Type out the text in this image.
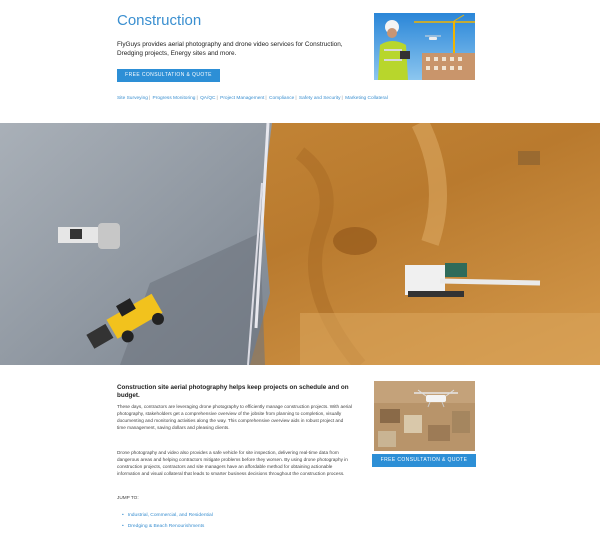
Construction
FlyGuys provides aerial photography and drone video services for Construction, Dredging projects, Energy sites and more.
FREE CONSULTATION & QUOTE
Site Surveying| Progress Monitoring| QA/QC| Project Management| Compliance| Safety and Security| Marketing Collateral
Construction site aerial photography helps keep projects on schedule and on budget.
These days, contractors are leveraging drone photography to efficiently manage construction projects. With aerial photography, stakeholders get a comprehensive overview of the jobsite from planning to completion, visually documenting and monitoring activities along the way. This comprehensive overview aids in robust project and time management, saving dollars and pleasing clients.
Drone photography and video also provides a safe vehicle for site inspection, delivering real-time data from dangerous areas and helping contractors mitigate problems before they worsen. By using drone photography in construction projects, contractors and site managers have an affordable method for obtaining actionable information and visual collateral that leads to smarter business decisions throughout the construction process.
JUMP TO:
• Industrial, Commercial, and Residential
• Dredging & Beach Renourishments
FREE CONSULTATION & QUOTE
